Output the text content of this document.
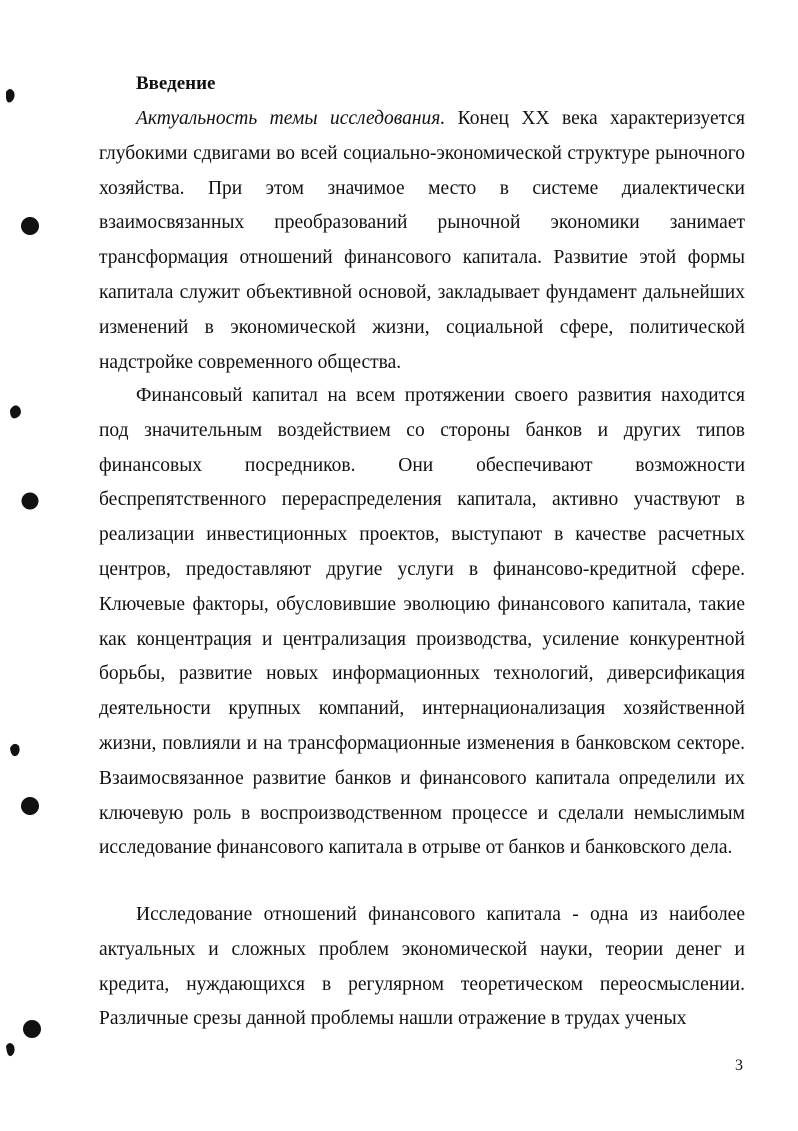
Введение

Актуальность темы исследования. Конец XX века характеризуется глубокими сдвигами во всей социально-экономической структуре рыночного хозяйства. При этом значимое место в системе диалектически взаимосвязанных преобразований рыночной экономики занимает трансформация отношений финансового капитала. Развитие этой формы капитала служит объективной основой, закладывает фундамент дальнейших изменений в экономической жизни, социальной сфере, политической надстройке современного общества.

Финансовый капитал на всем протяжении своего развития находится под значительным воздействием со стороны банков и других типов финансовых посредников. Они обеспечивают возможности беспрепятственного перераспределения капитала, активно участвуют в реализации инвестиционных проектов, выступают в качестве расчетных центров, предоставляют другие услуги в финансово-кредитной сфере. Ключевые факторы, обусловившие эволюцию финансового капитала, такие как концентрация и централизация производства, усиление конкурентной борьбы, развитие новых информационных технологий, диверсификация деятельности крупных компаний, интернационализация хозяйственной жизни, повлияли и на трансформационные изменения в банковском секторе. Взаимосвязанное развитие банков и финансового капитала определили их ключевую роль в воспроизводственном процессе и сделали немыслимым исследование финансового капитала в отрыве от банков и банковского дела.

Исследование отношений финансового капитала - одна из наиболее актуальных и сложных проблем экономической науки, теории денег и кредита, нуждающихся в регулярном теоретическом переосмыслении. Различные срезы данной проблемы нашли отражение в трудах ученых

3
